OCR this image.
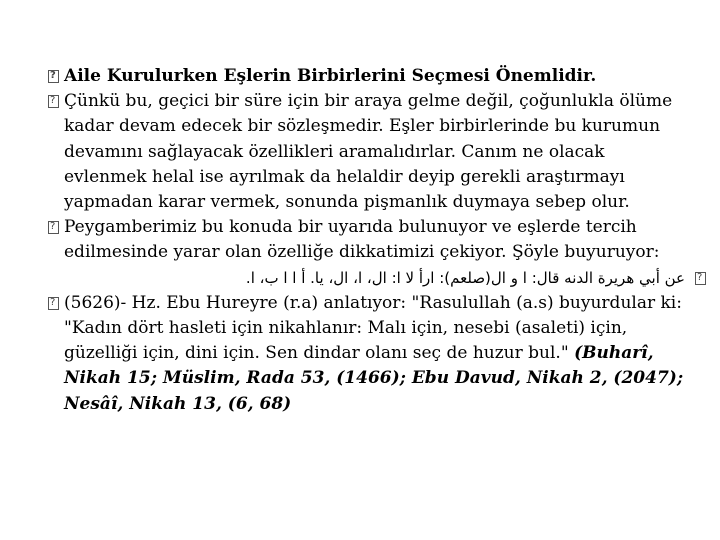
?
Aile Kurulurken Eşlerin Birbirlerini Seçmesi Önemlidir.

?
Çünkü bu, geçici bir süre için bir araya gelme değil, çoğunlukla ölüme kadar devam edecek bir sözleşmedir. Eşler birbirlerinde bu kurumun devamını sağlayacak özellikleri aramalıdırlar. Canım ne olacak evlenmek helal ise ayrılmak da helaldir deyip gerekli araştırmayı yapmadan karar vermek, sonunda pişmanlık duymaya sebep olur.

?
Peygamberimiz bu konuda bir uyarıda bulunuyor ve eşlerde tercih edilmesinde yarar olan özelliğe dikkatimizi çekiyor. Şöyle buyuruyor:

?عن أبي هريرة الدنه قال: ا و ال(صلعم): ارأ لا ا: ال، ا، ال، يا. أ ا ا ب، ا.

?
(5626)- Hz. Ebu Hureyre (r.a) anlatıyor: "Rasulullah (a.s) buyurdular ki: "Kadın dört hasleti için nikahlanır: Malı için, nesebi (asaleti) için, güzelliği için, dini için. Sen dindar olanı seç de huzur bul." (Buharî, Nikah 15; Müslim, Rada 53, (1466); Ebu Davud, Nikah 2, (2047); Nesâî, Nikah 13, (6, 68)
